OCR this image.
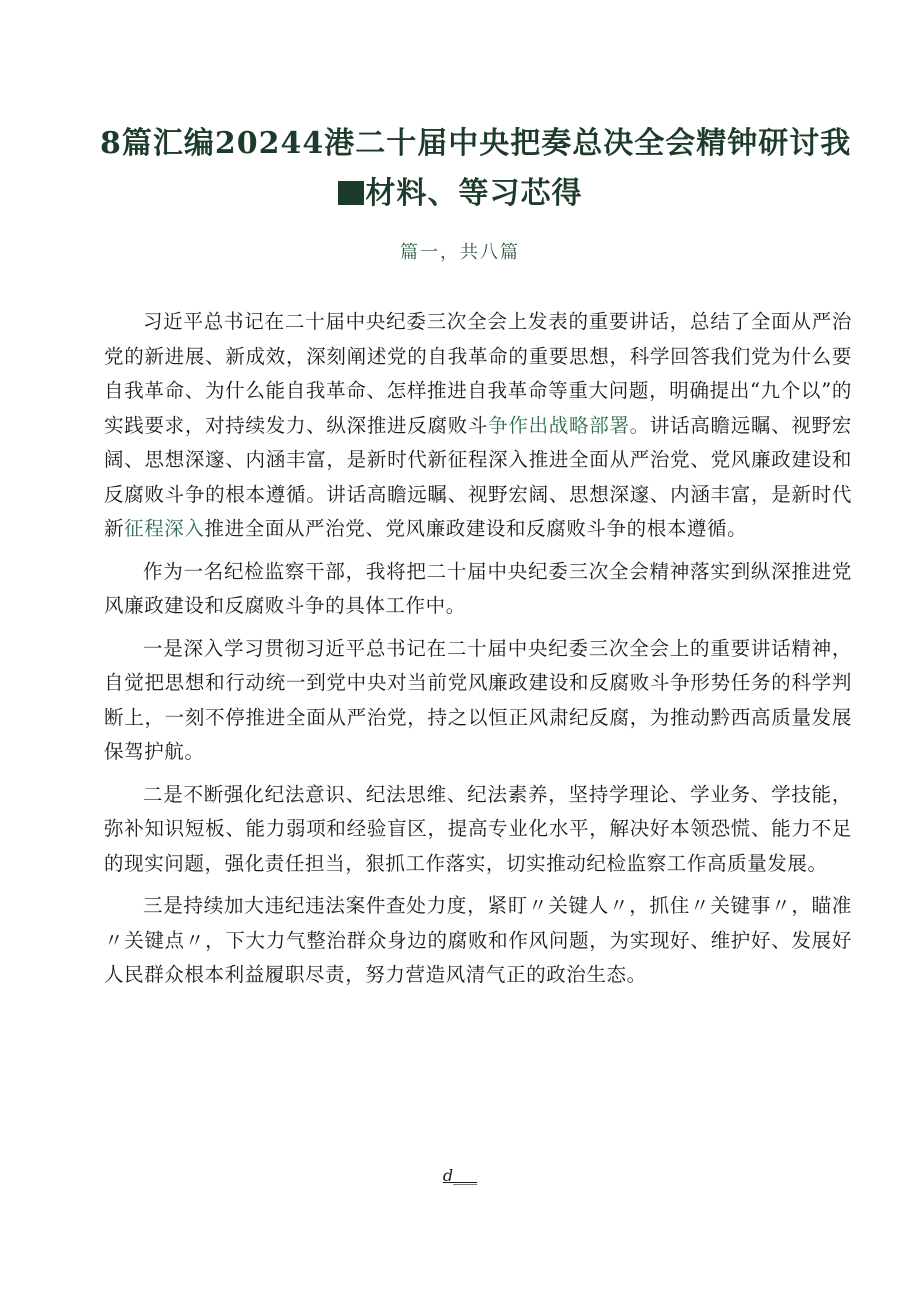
8篇汇编20244港二十届中央把奏总决全会精钟研讨我
材料、等习芯得
篇一，共八篇

习近平总书记在二十届中央纪委三次全会上发表的重要讲话，总结了全面从严治党的新进展、新成效，深刻阐述党的自我革命的重要思想，科学回答我们党为什么要自我革命、为什么能自我革命、怎样推进自我革命等重大问题，明确提出“九个以”的实践要求，对持续发力、纵深推进反腐败斗争作出战略部署。讲话高瞻远瞩、视野宏阔、思想深邃、内涵丰富，是新时代新征程深入推进全面从严治党、党风廉政建设和反腐败斗争的根本遵循。讲话高瞻远瞩、视野宏阔、思想深邃、内涵丰富，是新时代新征程深入推进全面从严治党、党风廉政建设和反腐败斗争的根本遵循。

作为一名纪检监察干部，我将把二十届中央纪委三次全会精神落实到纵深推进党风廉政建设和反腐败斗争的具体工作中。

一是深入学习贯彻习近平总书记在二十届中央纪委三次全会上的重要讲话精神，自觉把思想和行动统一到党中央对当前党风廉政建设和反腐败斗争形势任务的科学判断上，一刻不停推进全面从严治党，持之以恒正风肃纪反腐，为推动黔西高质量发展保驾护航。

二是不断强化纪法意识、纪法思维、纪法素养，坚持学理论、学业务、学技能，弥补知识短板、能力弱项和经验盲区，提高专业化水平，解决好本领恐慌、能力不足的现实问题，强化责任担当，狠抓工作落实，切实推动纪检监察工作高质量发展。

三是持续加大违纪违法案件查处力度，紧盯〃关键人〃，抓住〃关键事〃，瞄准〃关键点〃，下大力气整治群众身边的腐败和作风问题，为实现好、维护好、发展好人民群众根本利益履职尽责，努力营造风清气正的政治生态。

d___
